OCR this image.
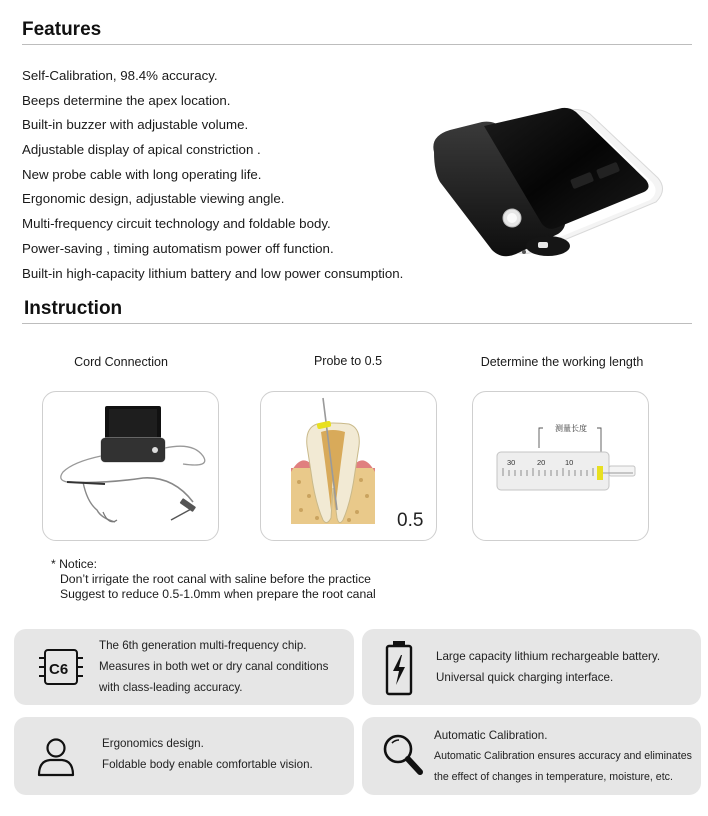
Features
Self-Calibration, 98.4% accuracy.
Beeps determine the apex location.
Built-in buzzer with adjustable volume.
Adjustable display of apical constriction .
New probe cable with long operating life.
Ergonomic design, adjustable viewing angle.
Multi-frequency circuit technology and foldable body.
Power-saving , timing automatism power off function.
Built-in high-capacity lithium battery and low power consumption.
Instruction
Cord Connection	Probe to 0.5	Determine the working length
0.5
测量长度
30	20	10
* Notice:
Don’t irrigate the root canal with saline before the practice
Suggest to reduce 0.5-1.0mm when prepare the root canal
C6
The 6th generation multi-frequency chip.
Measures in both wet or dry canal conditions
with class-leading accuracy.
Large capacity lithium rechargeable battery.
Universal quick charging interface.
Ergonomics design.
Foldable body enable comfortable vision.
Automatic Calibration.
Automatic Calibration ensures accuracy and eliminates
the effect of changes in temperature, moisture, etc.
